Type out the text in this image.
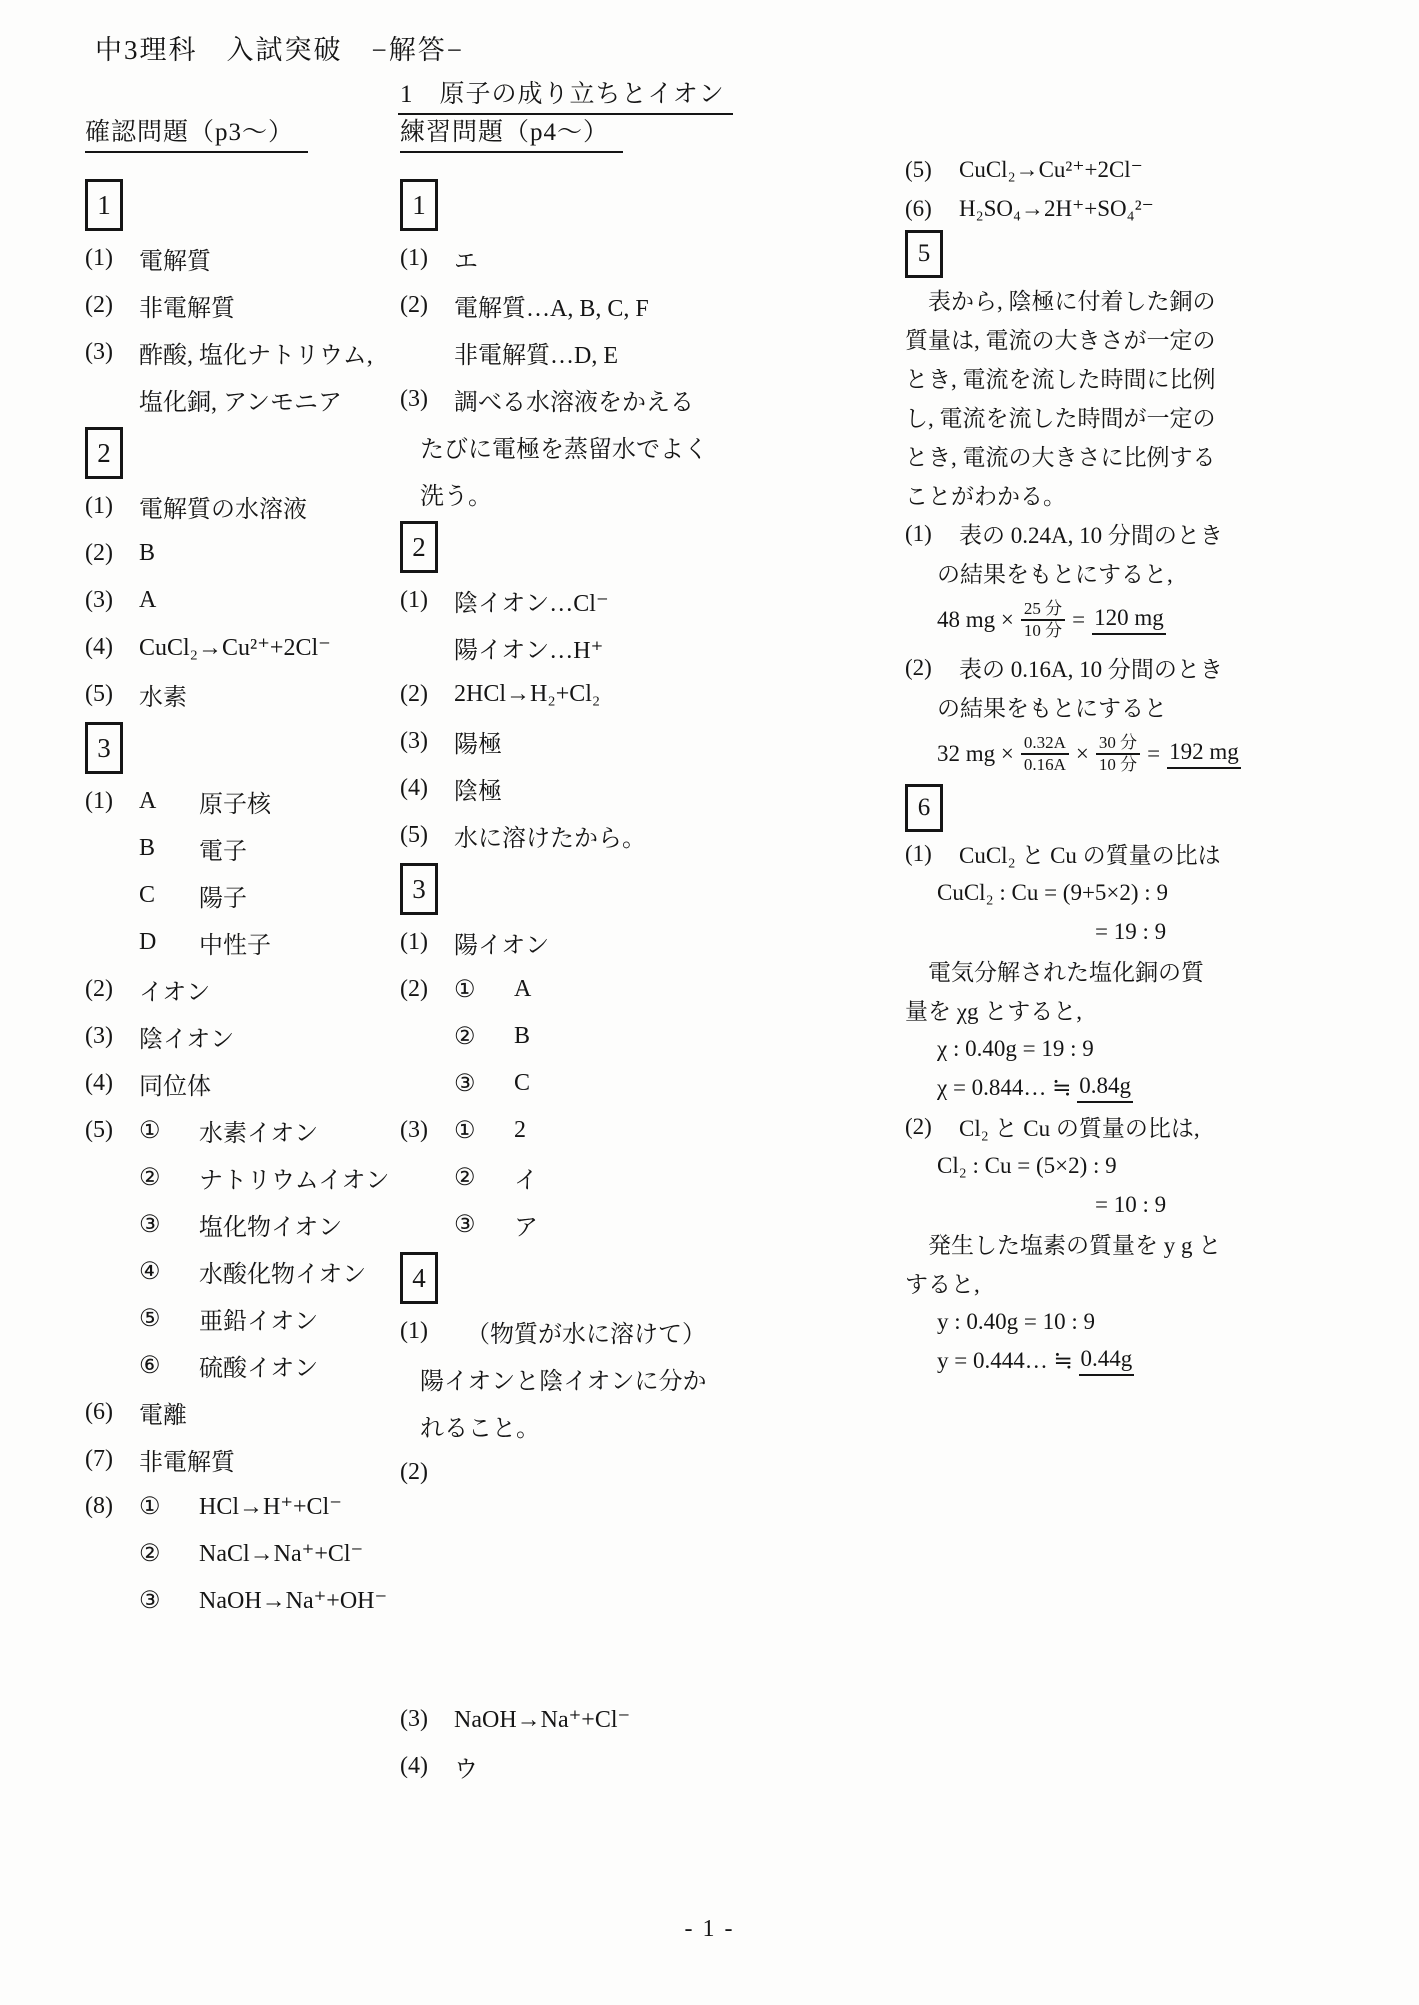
中3理科　入試突破　−解答−
1　原子の成り立ちとイオン
確認問題（p3〜）
1
(1)	電解質
(2)	非電解質
(3)	酢酸, 塩化ナトリウム,
塩化銅, アンモニア
2
(1)	電解質の水溶液
(2)	B
(3)	A
(4)	CuCl₂→Cu²⁺+2Cl⁻
(5)	水素
3
(1)	A	原子核
B	電子
C	陽子
D	中性子
(2)	イオン
(3)	陰イオン
(4)	同位体
(5)	①	水素イオン
②	ナトリウムイオン
③	塩化物イオン
④	水酸化物イオン
⑤	亜鉛イオン
⑥	硫酸イオン
(6)	電離
(7)	非電解質
(8)	①	HCl→H⁺+Cl⁻
②	NaCl→Na⁺+Cl⁻
③	NaOH→Na⁺+OH⁻
練習問題（p4〜）
1
(1)	エ
(2)	電解質…A, B, C, F
非電解質…D, E
(3)	調べる水溶液をかえる
たびに電極を蒸留水でよく
洗う。
2
(1)	陰イオン…Cl⁻
陽イオン…H⁺
(2)	2HCl→H₂+Cl₂
(3)	陽極
(4)	陰極
(5)	水に溶けたから。
3
(1)	陽イオン
(2)	①	A
②	B
③	C
(3)	①	2
②	イ
③	ア
4
(1)	　（物質が水に溶けて）
陽イオンと陰イオンに分か
れること。
(2)
(3)	NaOH→Na⁺+Cl⁻
(4)	ウ
(5)	CuCl₂→Cu²⁺+2Cl⁻
(6)	H₂SO₄→2H⁺+SO₄²⁻
5
　表から, 陰極に付着した銅の
質量は, 電流の大きさが一定の
とき, 電流を流した時間に比例
し, 電流を流した時間が一定の
とき, 電流の大きさに比例する
ことがわかる。
(1)	表の 0.24A, 10 分間のとき
の結果をもとにすると,
48 mg × $\frac{\text{25 分}}{\text{10 分}} = 120$ mg
(2)	表の 0.16A, 10 分間のとき
の結果をもとにすると
32 mg × $\frac{0.32A}{0.16A} \times \frac{\text{30 分}}{\text{10 分}} = 192$ mg
6
(1)	CuCl₂ と Cu の質量の比は
CuCl₂ : Cu = (9+5×2) : 9
= 19 : 9
　電気分解された塩化銅の質
量を χg とすると,
χ : 0.40g = 19 : 9
χ = 0.844… ≒ 0.84g
(2)	Cl₂ と Cu の質量の比は,
Cl₂ : Cu = (5×2) : 9
= 10 : 9
　発生した塩素の質量を y g と
すると,
y : 0.40g = 10 : 9
y = 0.444… ≒ 0.44g
- 1 -
